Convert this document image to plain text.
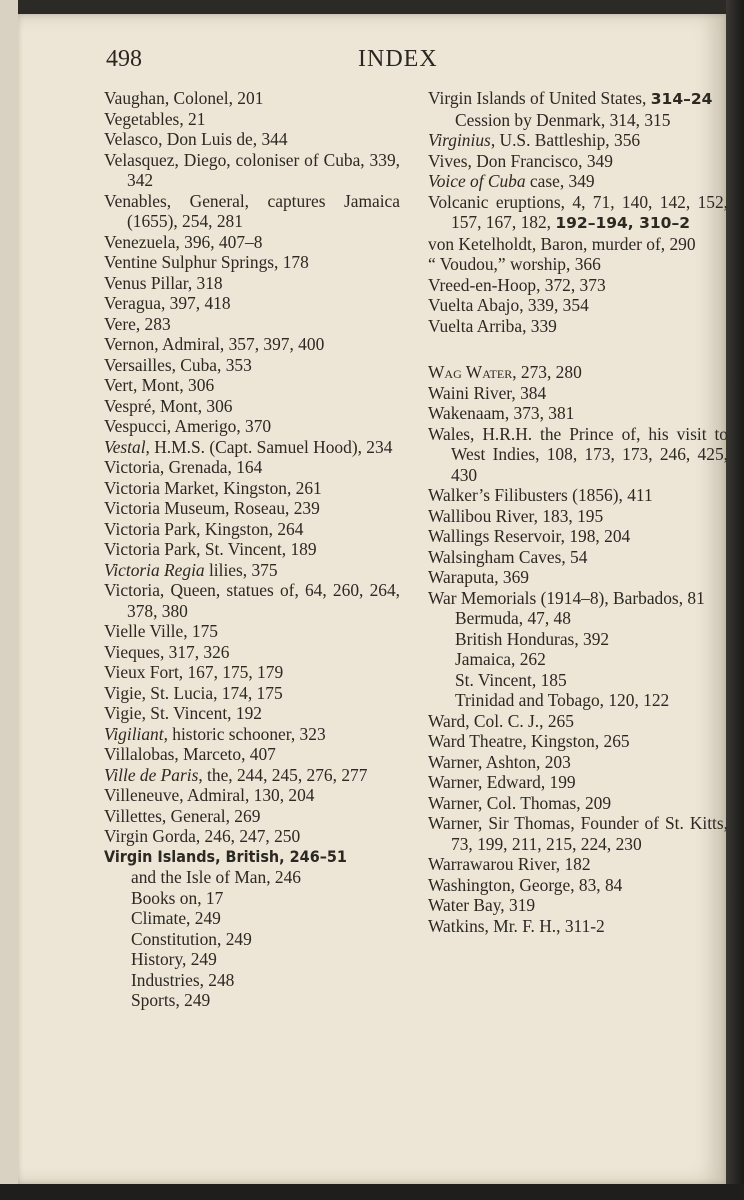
498	INDEX
Vaughan, Colonel, 201
Vegetables, 21
Velasco, Don Luis de, 344
Velasquez, Diego, coloniser of Cuba, 339, 342
Venables, General, captures Jamaica (1655), 254, 281
Venezuela, 396, 407–8
Ventine Sulphur Springs, 178
Venus Pillar, 318
Veragua, 397, 418
Vere, 283
Vernon, Admiral, 357, 397, 400
Versailles, Cuba, 353
Vert, Mont, 306
Vespré, Mont, 306
Vespucci, Amerigo, 370
Vestal, H.M.S. (Capt. Samuel Hood), 234
Victoria, Grenada, 164
Victoria Market, Kingston, 261
Victoria Museum, Roseau, 239
Victoria Park, Kingston, 264
Victoria Park, St. Vincent, 189
Victoria Regia lilies, 375
Victoria, Queen, statues of, 64, 260, 264, 378, 380
Vielle Ville, 175
Vieques, 317, 326
Vieux Fort, 167, 175, 179
Vigie, St. Lucia, 174, 175
Vigie, St. Vincent, 192
Vigiliant, historic schooner, 323
Villalobas, Marceto, 407
Ville de Paris, the, 244, 245, 276, 277
Villeneuve, Admiral, 130, 204
Villettes, General, 269
Virgin Gorda, 246, 247, 250
Virgin Islands, British, 246–51
and the Isle of Man, 246
Books on, 17
Climate, 249
Constitution, 249
History, 249
Industries, 248
Sports, 249
Virgin Islands of United States, 314–24
Cession by Denmark, 314, 315
Virginius, U.S. Battleship, 356
Vives, Don Francisco, 349
Voice of Cuba case, 349
Volcanic eruptions, 4, 71, 140, 142, 152, 157, 167, 182, 192–194, 310–2
von Ketelholdt, Baron, murder of, 290
“ Voudou,” worship, 366
Vreed-en-Hoop, 372, 373
Vuelta Abajo, 339, 354
Vuelta Arriba, 339
Wag Water, 273, 280
Waini River, 384
Wakenaam, 373, 381
Wales, H.R.H. the Prince of, his visit to West Indies, 108, 173, 173, 246, 425, 430
Walker’s Filibusters (1856), 411
Wallibou River, 183, 195
Wallings Reservoir, 198, 204
Walsingham Caves, 54
Waraputa, 369
War Memorials (1914–8), Barbados, 81
Bermuda, 47, 48
British Honduras, 392
Jamaica, 262
St. Vincent, 185
Trinidad and Tobago, 120, 122
Ward, Col. C. J., 265
Ward Theatre, Kingston, 265
Warner, Ashton, 203
Warner, Edward, 199
Warner, Col. Thomas, 209
Warner, Sir Thomas, Founder of St. Kitts, 73, 199, 211, 215, 224, 230
Warrawarou River, 182
Washington, George, 83, 84
Water Bay, 319
Watkins, Mr. F. H., 311-2
